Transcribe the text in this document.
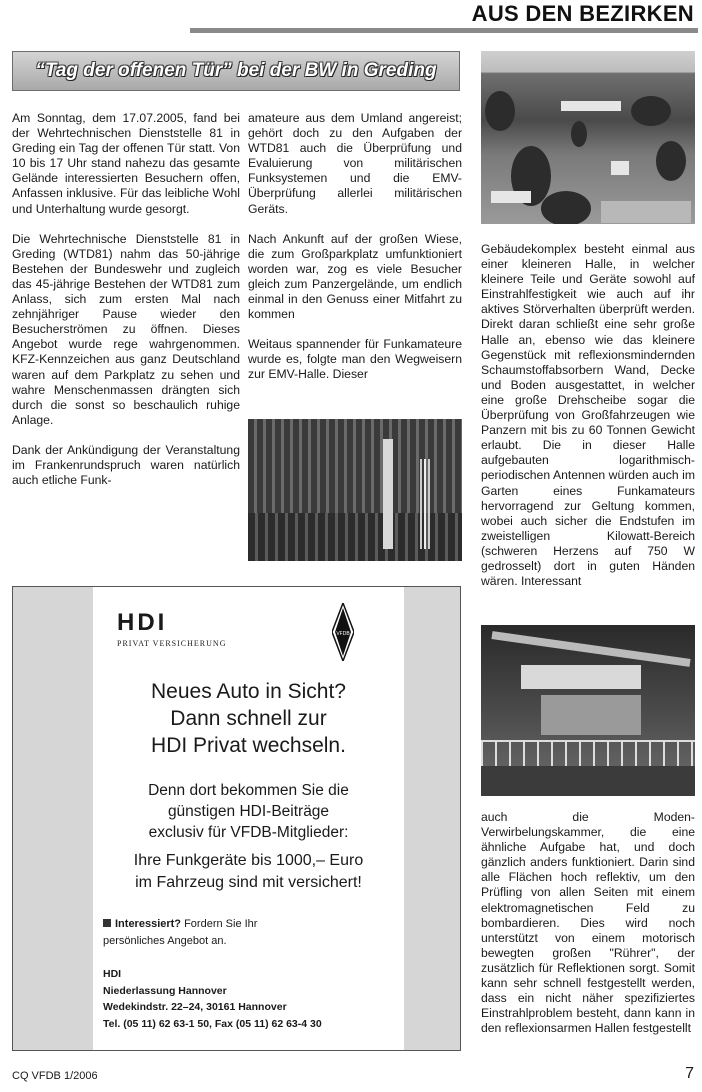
AUS DEN BEZIRKEN
“Tag der offenen Tür” bei der BW in Greding

Am Sonntag, dem 17.07.2005, fand bei der Wehrtechnischen Dienststelle 81 in Greding ein Tag der offenen Tür statt. Von 10 bis 17 Uhr stand nahezu das gesamte Gelände interessierten Besuchern offen, Anfassen inklusive. Für das leibliche Wohl und Unterhaltung wurde gesorgt.

Die Wehrtechnische Dienststelle 81 in Greding (WTD81) nahm das 50-jährige Bestehen der Bundeswehr und zugleich das 45-jährige Bestehen der WTD81 zum Anlass, sich zum ersten Mal nach zehnjähriger Pause wieder den Besucherströmen zu öffnen. Dieses Angebot wurde rege wahrgenommen. KFZ-Kennzeichen aus ganz Deutschland waren auf dem Parkplatz zu sehen und wahre Menschenmassen drängten sich durch die sonst so beschaulich ruhige Anlage.

Dank der Ankündigung der Veranstaltung im Frankenrundspruch waren natürlich auch etliche Funk-

amateure aus dem Umland angereist; gehört doch zu den Aufgaben der WTD81 auch die Überprüfung und Evaluierung von militärischen Funksystemen und die EMV-Überprüfung allerlei militärischen Geräts.

Nach Ankunft auf der großen Wiese, die zum Großparkplatz umfunktioniert worden war, zog es viele Besucher gleich zum Panzergelände, um endlich einmal in den Genuss einer Mitfahrt zu kommen

Weitaus spannender für Funkamateure wurde es, folgte man den Wegweisern zur EMV-Halle. Dieser

Gebäudekomplex besteht einmal aus einer kleineren Halle, in welcher kleinere Teile und Geräte sowohl auf Einstrahlfestigkeit wie auch auf ihr aktives Störverhalten überprüft werden. Direkt daran schließt eine sehr große Halle an, ebenso wie das kleinere Gegenstück mit reflexionsmindernden Schaumstoffabsorbern Wand, Decke und Boden ausgestattet, in welcher eine große Drehscheibe sogar die Überprüfung von Großfahrzeugen wie Panzern mit bis zu 60 Tonnen Gewicht erlaubt. Die in dieser Halle aufgebauten logarithmisch-periodischen Antennen würden auch im Garten eines Funkamateurs hervorragend zur Geltung kommen, wobei auch sicher die Endstufen im zweistelligen Kilowatt-Bereich (schweren Herzens auf 750 W gedrosselt) dort in guten Händen wären. Interessant

auch die Moden-Verwirbelungskammer, die eine ähnliche Aufgabe hat, und doch gänzlich anders funktioniert. Darin sind alle Flächen hoch reflektiv, um den Prüfling von allen Seiten mit einem elektromagnetischen Feld zu bombardieren. Dies wird noch unterstützt von einem motorisch bewegten großen "Rührer", der zusätzlich für Reflektionen sorgt. Somit kann sehr schnell festgestellt werden, dass ein nicht näher spezifiziertes Einstrahlproblem besteht, dann kann in den reflexionsarmen Hallen festgestellt

HDI
PRIVAT VERSICHERUNG
VFDB
Neues Auto in Sicht?
Dann schnell zur
HDI Privat wechseln.
Denn dort bekommen Sie die
günstigen HDI-Beiträge
exclusiv für VFDB-Mitglieder:
Ihre Funkgeräte bis 1000,– Euro
im Fahrzeug sind mit versichert!
Interessiert? Fordern Sie Ihr
persönliches Angebot an.
HDI
Niederlassung Hannover
Wedekindstr. 22–24, 30161 Hannover
Tel. (05 11) 62 63-1 50, Fax (05 11) 62 63-4 30
CQ VFDB 1/2006	7
